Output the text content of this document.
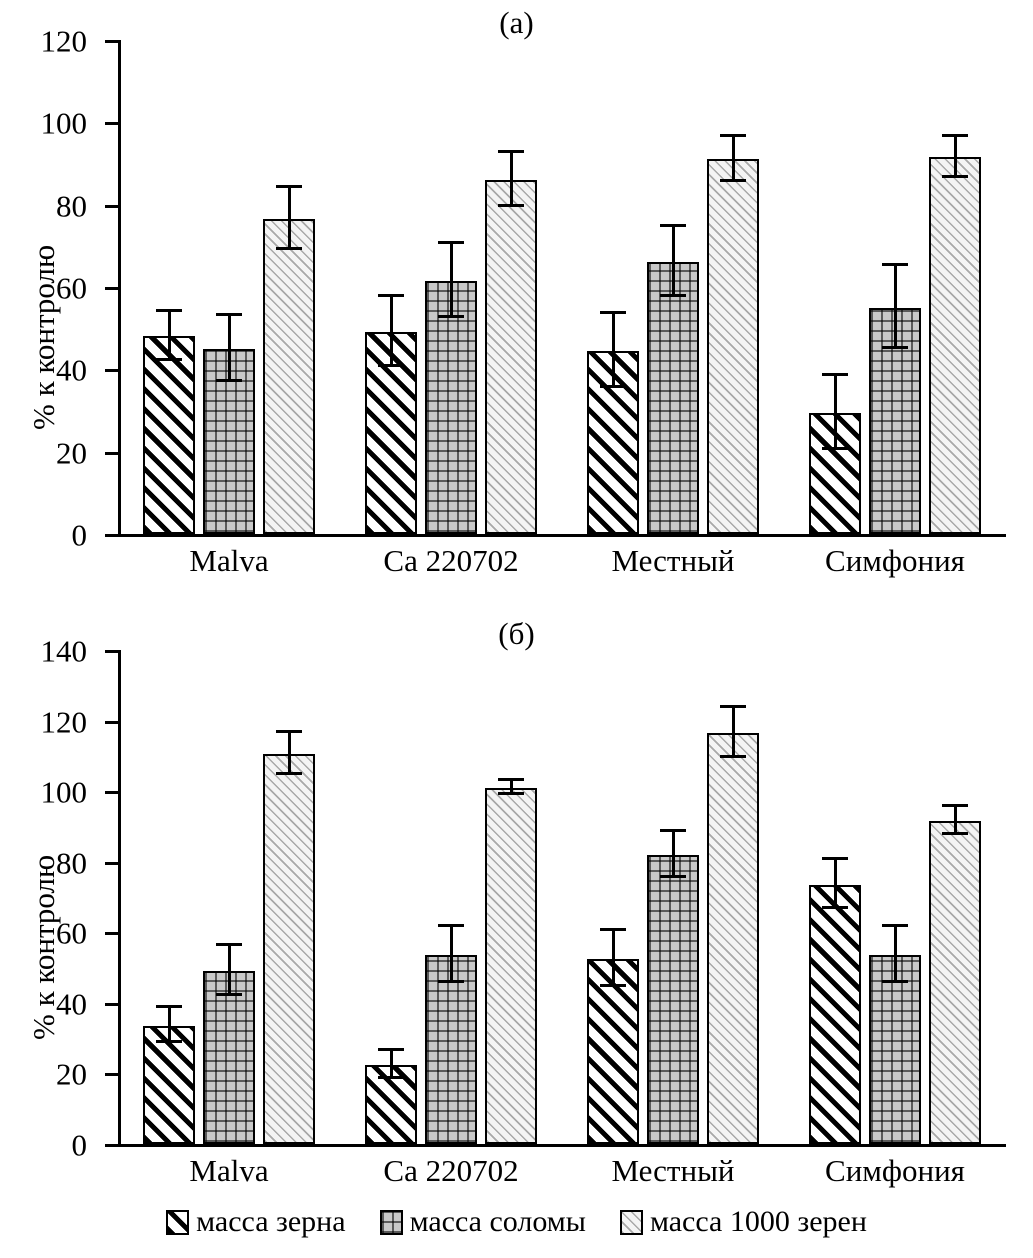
(а)
% к контролю
0
20
40
60
80
100
120
Malva	Ca 220702	Местный	Симфония
(б)
% к контролю
0
20
40
60
80
100
120
140
Malva	Ca 220702	Местный	Симфония
масса зерна масса соломы масса 1000 зерен
